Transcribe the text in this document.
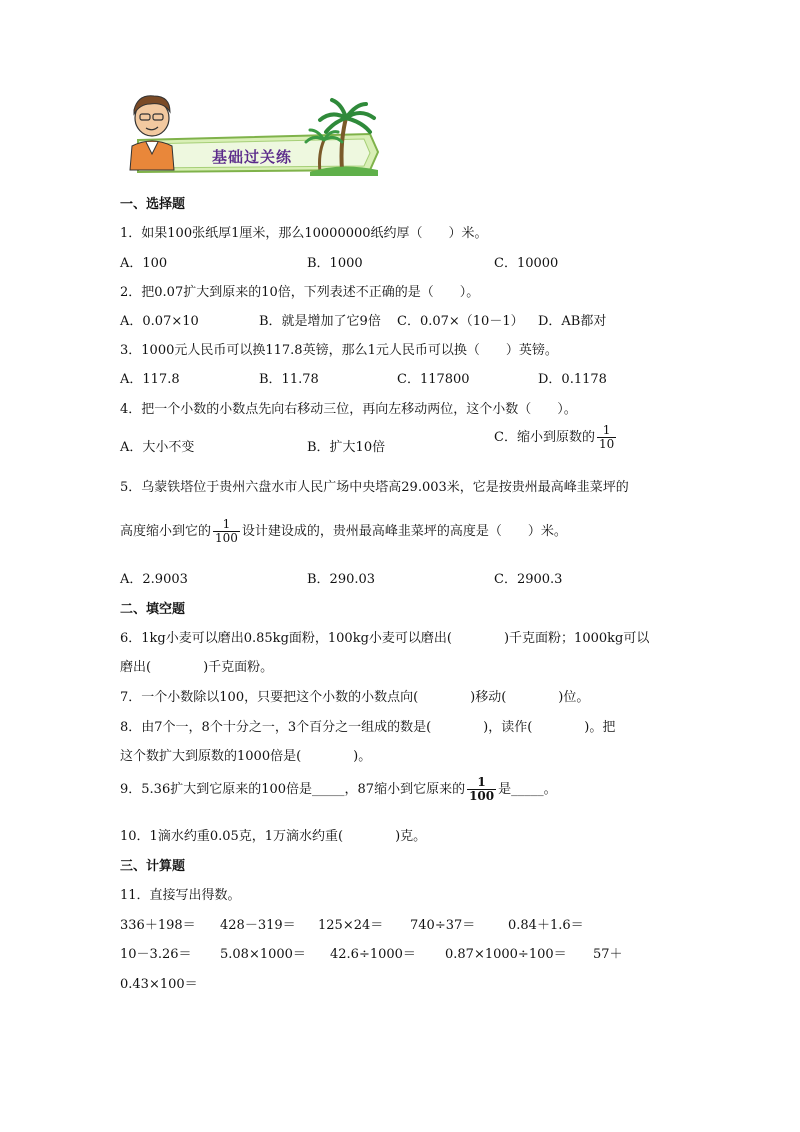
基础过关练
一、选择题
1．如果100张纸厚1厘米，那么10000000纸约厚（　　）米。
A．100	B．1000	C．10000
2．把0.07扩大到原来的10倍，下列表述不正确的是（　　）。
A．0.07×10	B．就是增加了它9倍 C．0.07×（10－1） D．AB都对
3．1000元人民币可以换117.8英镑，那么1元人民币可以换（　　）英镑。
A．117.8	B．11.78	C．117800	D．0.1178
4．把一个小数的小数点先向右移动三位，再向左移动两位，这个小数（　　）。
A．大小不变	B．扩大10倍
C．缩小到原数的 $\frac{1}{10}$
5．乌蒙铁塔位于贵州六盘水市人民广场中央塔高29.003米，它是按贵州最高峰韭菜坪的
高度缩小到它的 $\frac{1}{100}$ 设计建设成的，贵州最高峰韭菜坪的高度是（　　）米。
A．2.9003	B．290.03	C．2900.3
二、填空题
6．1kg小麦可以磨出0.85kg面粉，100kg小麦可以磨出(　　　　)千克面粉；1000kg可以
磨出(　　　　)千克面粉。
7．一个小数除以100，只要把这个小数的小数点向(　　　　)移动(　　　　)位。
8．由7个一，8个十分之一，3个百分之一组成的数是(　　　　)，读作(　　　　)。把
这个数扩大到原数的1000倍是(　　　　)。
9．5.36扩大到它原来的100倍是_____，87缩小到它原来的 $\frac{1}{100}$ 是_____。
10．1滴水约重0.05克，1万滴水约重(　　　　)克。
三、计算题
11．直接写出得数。
336＋198＝ 428－319＝ 125×24＝ 740÷37＝	0.84＋1.6＝
10－3.26＝ 5.08×1000＝ 42.6÷1000＝ 0.87×1000÷100＝ 57＋
0.43×100＝
